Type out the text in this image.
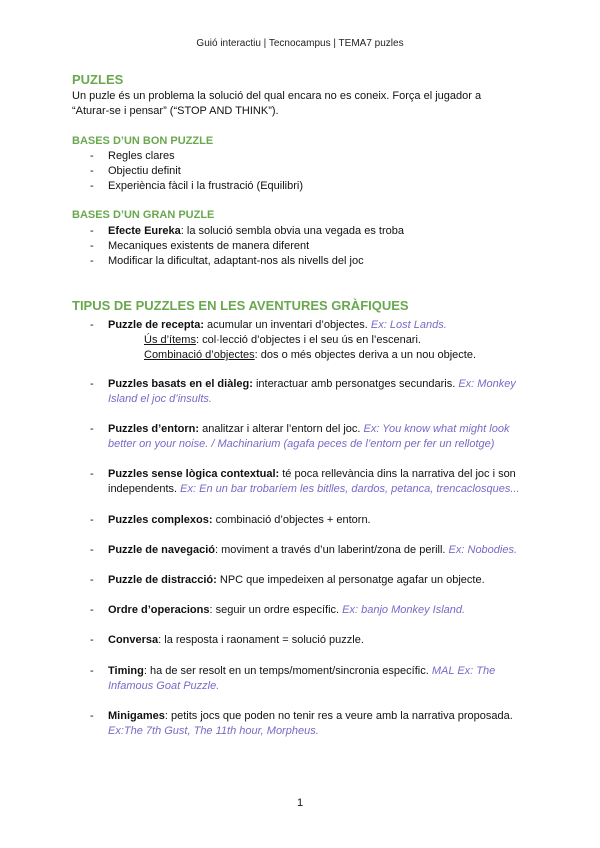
Guió interactiu | Tecnocampus | TEMA7 puzles
PUZLES
Un puzle és un problema la solució del qual encara no es coneix. Força el jugador a
“Aturar-se i pensar” (“STOP AND THINK”).
BASES D’UN BON PUZZLE
- Regles clares
- Objectiu definit
- Experiència fàcil i la frustració (Equilibri)
BASES D’UN GRAN PUZLE
- Efecte Eureka: la solució sembla obvia una vegada es troba
- Mecaniques existents de manera diferent
- Modificar la dificultat, adaptant-nos als nivells del joc
TIPUS DE PUZZLES EN LES AVENTURES GRÀFIQUES
-	Puzzle de recepta: acumular un inventari d’objectes. Ex: Lost Lands.
Ús d’ítems: col·lecció d’objectes i el seu ús en l’escenari.
Combinació d’objectes: dos o més objectes deriva a un nou objecte.
-	Puzzles basats en el diàleg: interactuar amb personatges secundaris. Ex: Monkey
Island el joc d’insults.
-	Puzzles d’entorn: analitzar i alterar l’entorn del joc. Ex: You know what might look
better on your noise. / Machinarium (agafa peces de l’entorn per fer un rellotge)
-	Puzzles sense lògica contextual: té poca rellevància dins la narrativa del joc i son
independents. Ex: En un bar trobaríem les bitlles, dardos, petanca, trencaclosques...
-	Puzzles complexos: combinació d’objectes + entorn.
-	Puzzle de navegació: moviment a través d’un laberint/zona de perill. Ex: Nobodies.
-	Puzzle de distracció: NPC que impedeixen al personatge agafar un objecte.
-	Ordre d’operacions: seguir un ordre específic. Ex: banjo Monkey Island.
-	Conversa: la resposta i raonament = solució puzzle.
-	Timing: ha de ser resolt en un temps/moment/sincronia específic. MAL Ex: The
Infamous Goat Puzzle.
-	Minigames: petits jocs que poden no tenir res a veure amb la narrativa proposada.
Ex:The 7th Gust, The 11th hour, Morpheus.
1
